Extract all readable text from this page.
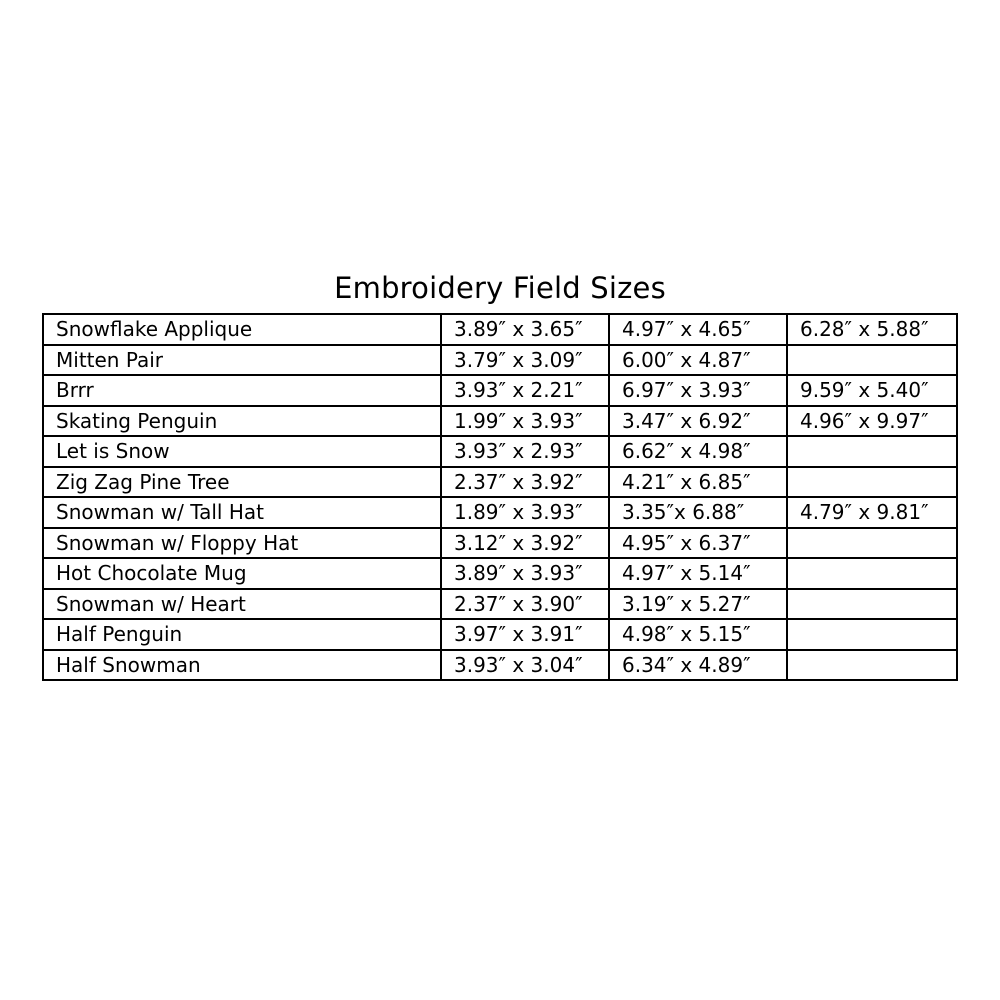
Embroidery Field Sizes
Snowflake Applique	3.89″ x 3.65″	4.97″ x 4.65″	6.28″ x 5.88″
Mitten Pair	3.79″ x 3.09″	6.00″ x 4.87″	
Brrr	3.93″ x 2.21″	6.97″ x 3.93″	9.59″ x 5.40″
Skating Penguin	1.99″ x 3.93″	3.47″ x 6.92″	4.96″ x 9.97″
Let is Snow	3.93″ x 2.93″	6.62″ x 4.98″	
Zig Zag Pine Tree	2.37″ x 3.92″	4.21″ x 6.85″	
Snowman w/ Tall Hat	1.89″ x 3.93″	3.35″x 6.88″	4.79″ x 9.81″
Snowman w/ Floppy Hat	3.12″ x 3.92″	4.95″ x 6.37″	
Hot Chocolate Mug	3.89″ x 3.93″	4.97″ x 5.14″	
Snowman w/ Heart	2.37″ x 3.90″	3.19″ x 5.27″	
Half Penguin	3.97″ x 3.91″	4.98″ x 5.15″	
Half Snowman	3.93″ x 3.04″	6.34″ x 4.89″	
